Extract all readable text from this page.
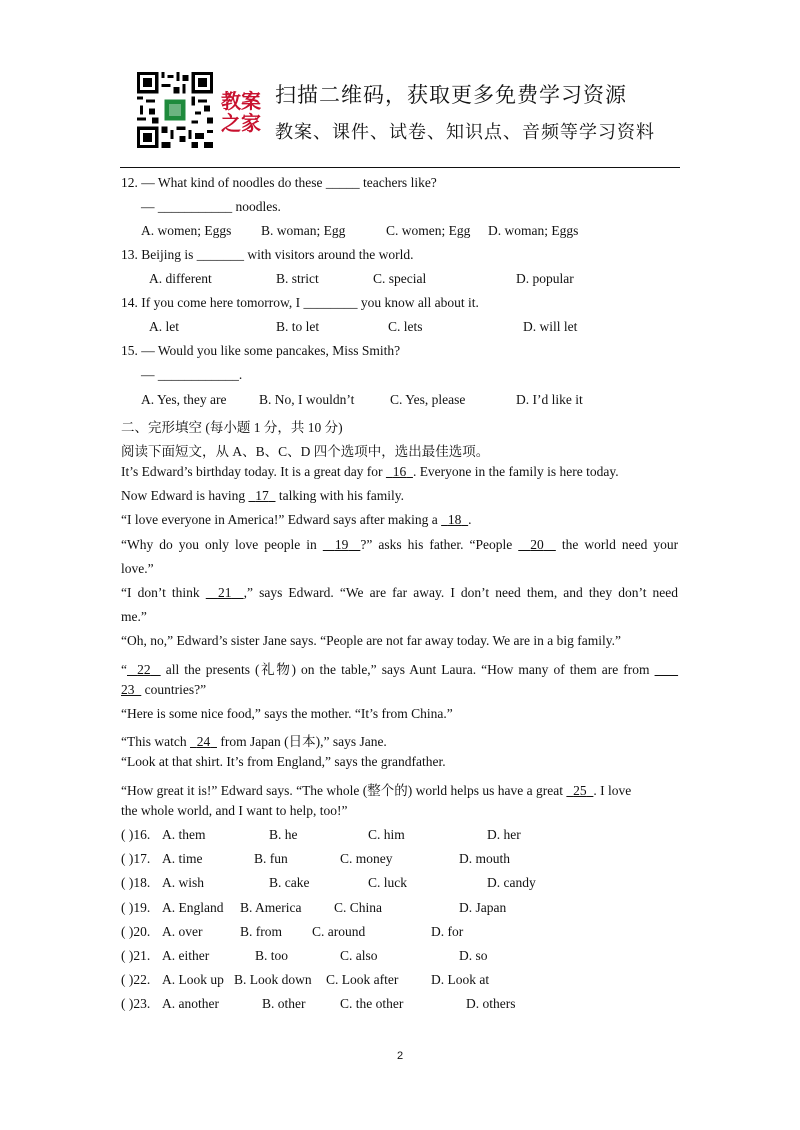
教案
之家
扫描二维码，获取更多免费学习资源
教案、课件、试卷、知识点、音频等学习资料
12. — What kind of noodles do these _____ teachers like?
— ___________ noodles.
A. women; Eggs B. woman; Egg	C. women; Egg D. woman; Eggs
13. Beijing is _______ with visitors around the world.
A. different	B. strict	C. special	D. popular
14. If you come here tomorrow, I ________ you know all about it.
A. let	B. to let	C. lets	D. will let
15. — Would you like some pancakes, Miss Smith?
— ____________.
A. Yes, they are B. No, I wouldn’t	C. Yes, please	D. I’d like it
二、完形填空 (每小题 1 分，共 10 分)
阅读下面短文，从 A、B、C、D 四个选项中，选出最佳选项。
It’s Edward’s birthday today. It is a great day for 16 . Everyone in the family is here today.
Now Edward is having 17 talking with his family.
“I love everyone in America!” Edward says after making a 18 .
“Why do you only love people in 19 ?” asks his father. “People 20 the world need your
love.”
“I don’t think 21 ,” says Edward. “We are far away. I don’t need them, and they don’t need
me.”
“Oh, no,” Edward’s sister Jane says. “People are not far away today. We are in a big family.”
“ 22 all the presents (礼物) on the table,” says Aunt Laura. “How many of them are from
23 countries?”
“Here is some nice food,” says the mother. “It’s from China.”
“This watch 24 from Japan (日本),” says Jane.
“Look at that shirt. It’s from England,” says the grandfather.
“How great it is!” Edward says. “The whole (整个的) world helps us have a great 25 . I love
the whole world, and I want to help, too!”
( )16. A. them	B. he	C. him	D. her
( )17. A. time	B. fun	C. money	D. mouth
( )18. A. wish	B. cake	C. luck	D. candy
( )19. A. England B. America C. China	D. Japan
( )20. A. over	B. from C. around	D. for
( )21. A. either	B. too	C. also	D. so
( )22. A. Look up B. Look down C. Look after D. Look at
( )23. A. another	B. other	C. the other	D. others
2
